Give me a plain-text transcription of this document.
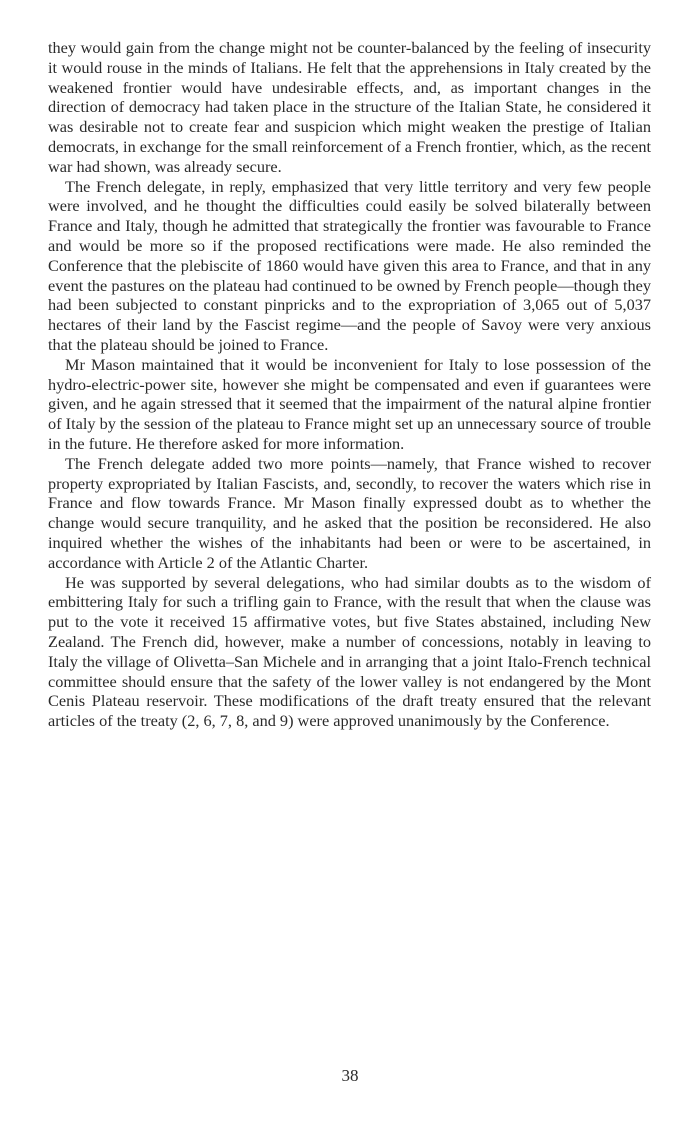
they would gain from the change might not be counter-balanced by the feeling of insecurity it would rouse in the minds of Italians. He felt that the apprehensions in Italy created by the weakened frontier would have undesirable effects, and, as important changes in the direction of democracy had taken place in the structure of the Italian State, he considered it was desirable not to create fear and suspicion which might weaken the prestige of Italian democrats, in exchange for the small reinforcement of a French frontier, which, as the recent war had shown, was already secure.

The French delegate, in reply, emphasized that very little territory and very few people were involved, and he thought the difficulties could easily be solved bilaterally between France and Italy, though he admitted that strategically the frontier was favourable to France and would be more so if the proposed rectifications were made. He also reminded the Conference that the plebiscite of 1860 would have given this area to France, and that in any event the pastures on the plateau had continued to be owned by French people—though they had been subjected to constant pinpricks and to the expropriation of 3,065 out of 5,037 hectares of their land by the Fascist regime—and the people of Savoy were very anxious that the plateau should be joined to France.

Mr Mason maintained that it would be inconvenient for Italy to lose possession of the hydro-electric-power site, however she might be compensated and even if guarantees were given, and he again stressed that it seemed that the impairment of the natural alpine frontier of Italy by the session of the plateau to France might set up an unnecessary source of trouble in the future. He therefore asked for more information.

The French delegate added two more points—namely, that France wished to recover property expropriated by Italian Fascists, and, secondly, to recover the waters which rise in France and flow towards France. Mr Mason finally expressed doubt as to whether the change would secure tranquility, and he asked that the position be reconsidered. He also inquired whether the wishes of the inhabitants had been or were to be ascertained, in accordance with Article 2 of the Atlantic Charter.

He was supported by several delegations, who had similar doubts as to the wisdom of embittering Italy for such a trifling gain to France, with the result that when the clause was put to the vote it received 15 affirmative votes, but five States abstained, including New Zealand. The French did, however, make a number of concessions, notably in leaving to Italy the village of Olivetta–San Michele and in arranging that a joint Italo-French technical committee should ensure that the safety of the lower valley is not endangered by the Mont Cenis Plateau reservoir. These modifications of the draft treaty ensured that the relevant articles of the treaty (2, 6, 7, 8, and 9) were approved unanimously by the Conference.

38
